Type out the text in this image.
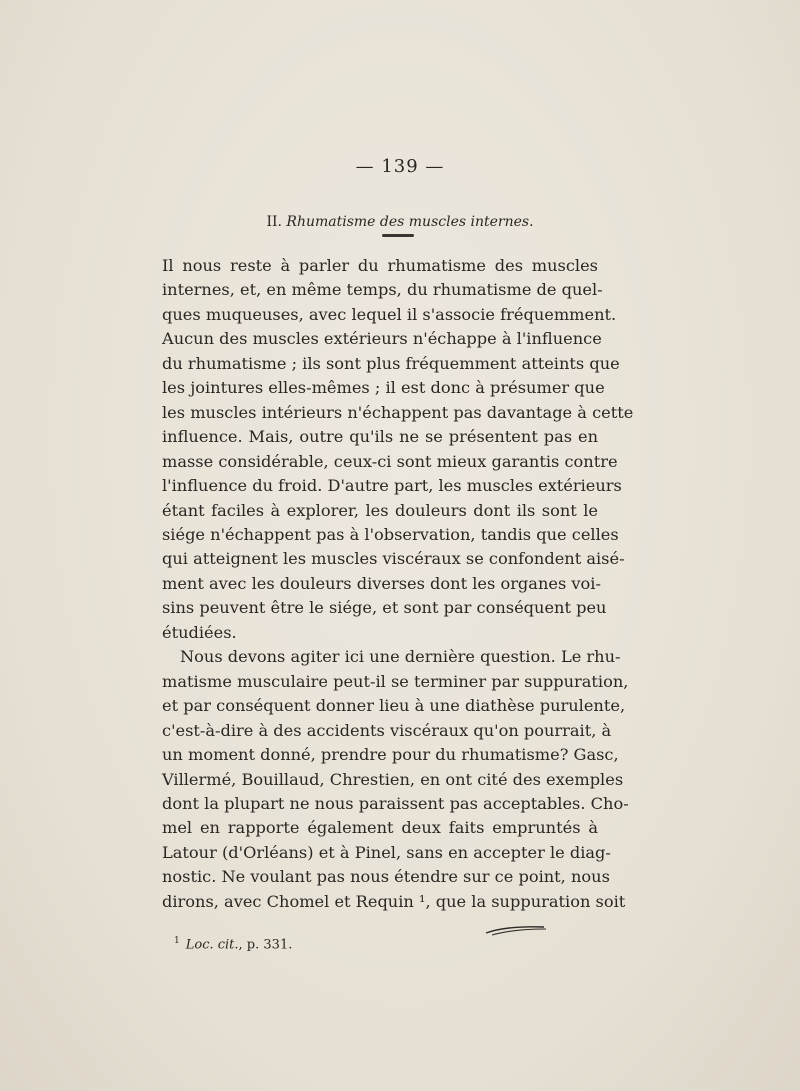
— 139 —
II. Rhumatisme des muscles internes.
Il nous reste à parler du rhumatisme des muscles
internes, et, en même temps, du rhumatisme de quel-
ques muqueuses, avec lequel il s'associe fréquemment.
Aucun des muscles extérieurs n'échappe à l'influence
du rhumatisme ; ils sont plus fréquemment atteints que
les jointures elles-mêmes ; il est donc à présumer que
les muscles intérieurs n'échappent pas davantage à cette
influence. Mais, outre qu'ils ne se présentent pas en
masse considérable, ceux-ci sont mieux garantis contre
l'influence du froid. D'autre part, les muscles extérieurs
étant faciles à explorer, les douleurs dont ils sont le
siége n'échappent pas à l'observation, tandis que celles
qui atteignent les muscles viscéraux se confondent aisé-
ment avec les douleurs diverses dont les organes voi-
sins peuvent être le siége, et sont par conséquent peu
étudiées.
Nous devons agiter ici une dernière question. Le rhu-
matisme musculaire peut-il se terminer par suppuration,
et par conséquent donner lieu à une diathèse purulente,
c'est-à-dire à des accidents viscéraux qu'on pourrait, à
un moment donné, prendre pour du rhumatisme? Gasc,
Villermé, Bouillaud, Chrestien, en ont cité des exemples
dont la plupart ne nous paraissent pas acceptables. Cho-
mel en rapporte également deux faits empruntés à
Latour (d'Orléans) et à Pinel, sans en accepter le diag-
nostic. Ne voulant pas nous étendre sur ce point, nous
dirons, avec Chomel et Requin ¹, que la suppuration soit
$^1$ Loc. cit., p. 331.
